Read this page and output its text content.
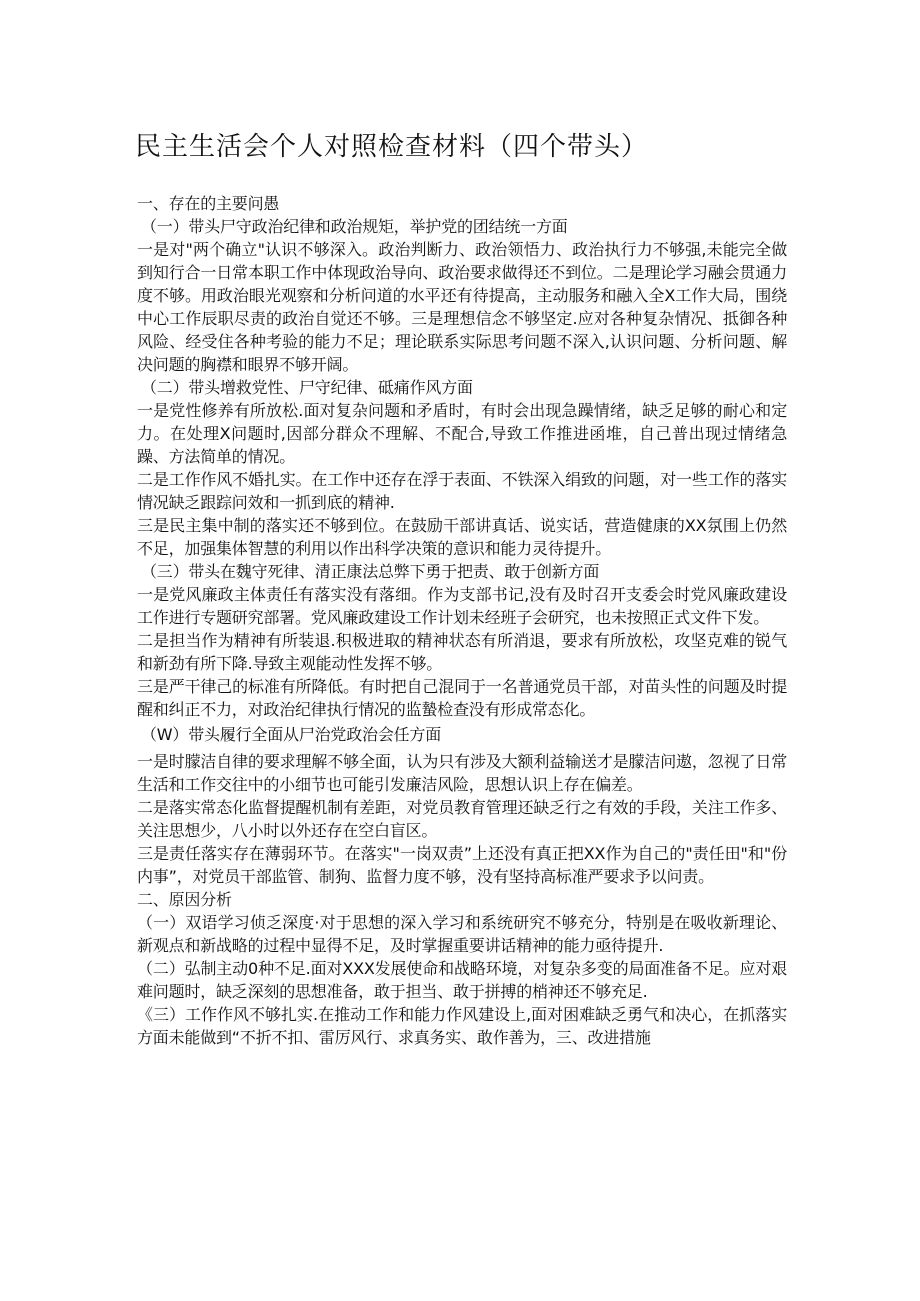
民主生活会个人对照检查材料（四个带头）

一、存在的主要问愚

（一）带头尸守政治纪律和政治规矩，举护党的团结统一方面

一是对"两个确立"认识不够深入。政治判断力、政治领悟力、政治执行力不够强,未能完全做到知行合一日常本职工作中体现政治导向、政治要求做得还不到位。二是理论学习融会贯通力度不够。用政治眼光观察和分析问道的水平还有待提高，主动服务和融入全X工作大局，围绕中心工作辰职尽责的政治自觉还不够。三是理想信念不够坚定.应对各种复杂情况、抵御各种风险、经受住各种考验的能力不足；理论联系实际思考问题不深入,认识问题、分析问题、解决问题的胸襟和眼界不够开阔。

（二）带头增救党性、尸守纪律、砥痛作风方面

一是党性修养有所放松.面对复杂问题和矛盾时，有时会出现急躁情绪，缺乏足够的耐心和定力。在处理X问题时,因部分群众不理解、不配合,导致工作推进函堆，自己普出现过情绪急躁、方法简单的情况。

二是工作作风不婚扎实。在工作中还存在浮于表面、不铁深入绢致的问题，对一些工作的落实情况缺乏跟踪问效和一抓到底的精神.

三是民主集中制的落实还不够到位。在鼓励干部讲真话、说实话，营造健康的XX氛围上仍然不足，加强集体智慧的利用以作出科学决策的意识和能力灵待提升。

（三）带头在魏守死律、清正康法总弊下勇于把责、敢于创新方面

一是党风廉政主体责任有落实没有落细。作为支部书记,没有及时召开支委会时党风廉政建设工作进行专题研究部署。党风廉政建设工作计划未经班子会研究，也未按照正式文件下发。

二是担当作为精神有所装退.积极进取的精神状态有所消退，要求有所放松，攻坚克难的锐气和新劲有所下降.导致主观能动性发挥不够。

三是严干律己的标准有所降低。有时把自己混同于一名普通党员干部，对苗头性的问题及时提醒和纠正不力，对政治纪律执行情况的监蟄检查没有形成常态化。

（W）带头履行全面从尸治党政治会任方面

一是时朦洁自律的要求理解不够全面，认为只有涉及大额利益输送才是朦洁问遨，忽视了日常生活和工作交往中的小细节也可能引发廉洁风险，思想认识上存在偏差。

二是落实常态化监督提醒机制有差距，对党员教育管理还缺乏行之有效的手段，关注工作多、关注思想少，八小时以外还存在空白盲区。

三是责任落实存在薄弱环节。在落实"一岗双责”上还没有真正把XX作为自己的"责任田"和"份内事”，对党员干部监管、制狗、监督力度不够，没有坚持高标准严要求予以问责。

二、原因分析

（一）双语学习侦乏深度·对于思想的深入学习和系统研究不够充分，特别是在吸收新理论、新观点和新战略的过程中显得不足，及时掌握重要讲话精神的能力亟待提升.

（二）弘制主动0种不足.面对XXX发展使命和战略环境，对复杂多变的局面准备不足。应对艰难问题时，缺乏深刻的思想准备，敢于担当、敢于拼搏的梢神还不够充足.

《三）工作作风不够扎实.在推动工作和能力作风建设上,面对困难缺乏勇气和决心，在抓落实方面未能做到“不折不扣、雷厉风行、求真务实、敢作善为，三、改进措施
